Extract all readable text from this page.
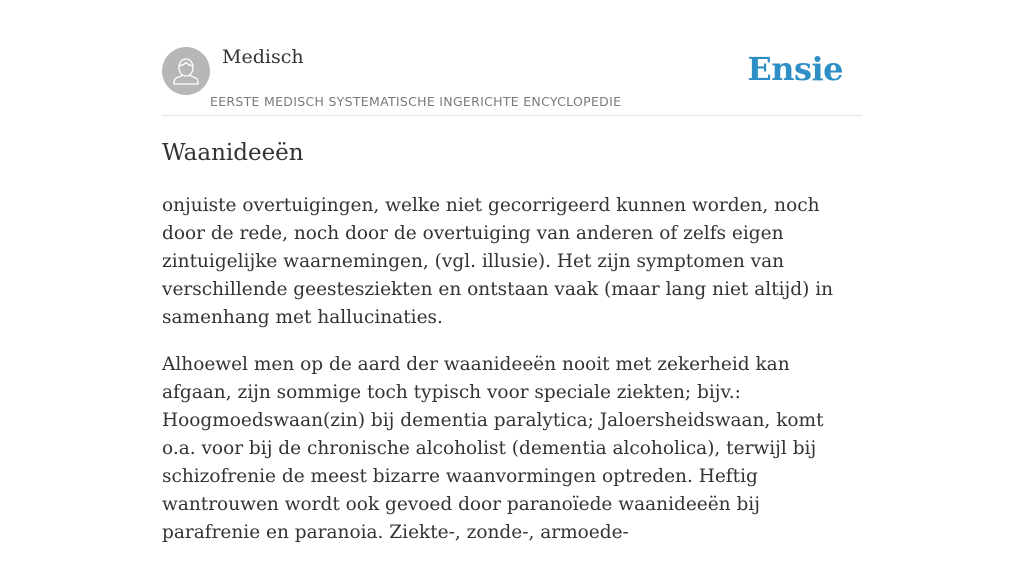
Medisch
EERSTE MEDISCH SYSTEMATISCHE INGERICHTE ENCYCLOPEDIE
Ensie
Waanideeën

onjuiste overtuigingen, welke niet gecorrigeerd kunnen worden, noch door de rede, noch door de overtuiging van anderen of zelfs eigen zintuigelijke waarnemingen, (vgl. illusie). Het zijn symptomen van verschillende geestesziekten en ontstaan vaak (maar lang niet altijd) in samenhang met hallucinaties.

Alhoewel men op de aard der waanideeën nooit met zekerheid kan afgaan, zijn sommige toch typisch voor speciale ziekten; bijv.: Hoogmoedswaan(zin) bij dementia paralytica; Jaloersheidswaan, komt o.a. voor bij de chronische alcoholist (dementia alcoholica), terwijl bij schizofrenie de meest bizarre waanvormingen optreden. Heftig wantrouwen wordt ook gevoed door paranoïede waanideeën bij parafrenie en paranoia. Ziekte-, zonde-, armoede-
